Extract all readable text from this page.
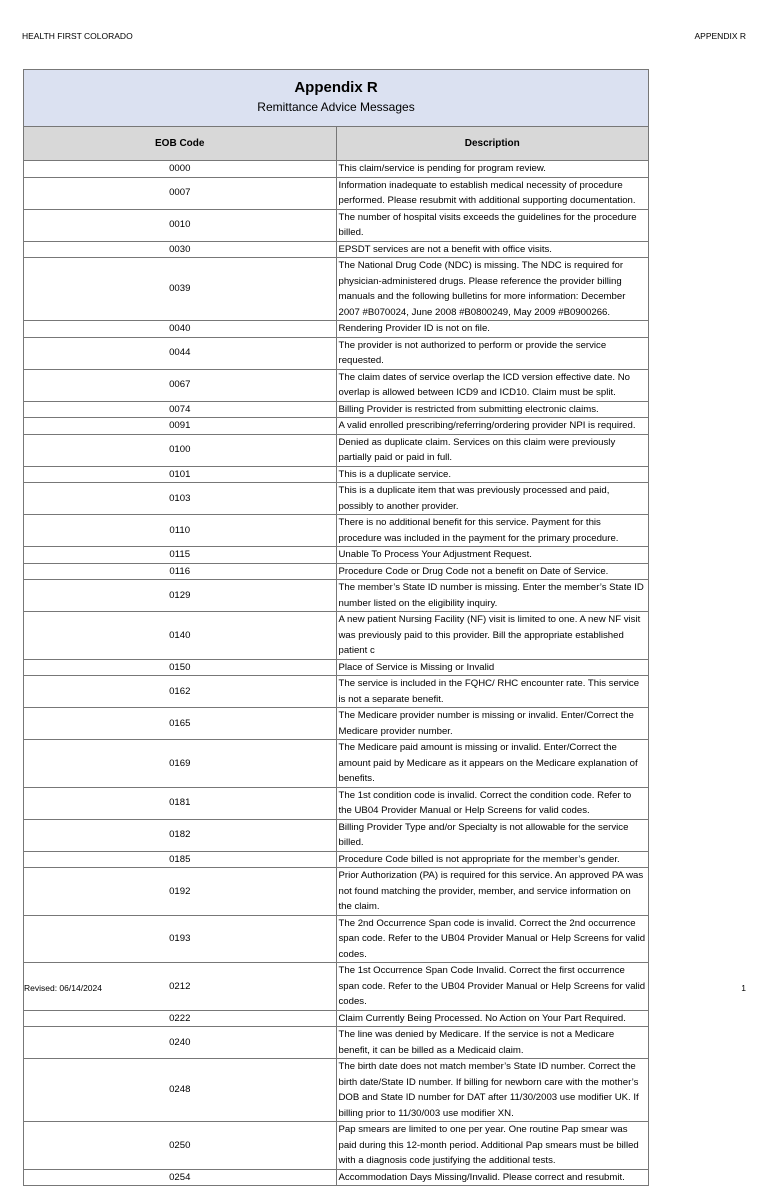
HEALTH FIRST COLORADO	APPENDIX R
Appendix R
Remittance Advice Messages	

EOB Code	Description
0000	This claim/service is pending for program review.
0007	Information inadequate to establish medical necessity of procedure performed. Please resubmit with additional supporting documentation.
0010	The number of hospital visits exceeds the guidelines for the procedure billed.
0030	EPSDT services are not a benefit with office visits.
0039	The National Drug Code (NDC) is missing. The NDC is required for physician-administered drugs. Please reference the provider billing manuals and the following bulletins for more information: December 2007 #B070024, June 2008 #B0800249, May 2009 #B0900266.
0040	Rendering Provider ID is not on file.
0044	The provider is not authorized to perform or provide the service requested.
0067	The claim dates of service overlap the ICD version effective date. No overlap is allowed between ICD9 and ICD10. Claim must be split.
0074	Billing Provider is restricted from submitting electronic claims.
0091	A valid enrolled prescribing/referring/ordering provider NPI is required.
0100	Denied as duplicate claim. Services on this claim were previously partially paid or paid in full.
0101	This is a duplicate service.
0103	This is a duplicate item that was previously processed and paid, possibly to another provider.
0110	There is no additional benefit for this service. Payment for this procedure was included in the payment for the primary procedure.
0115	Unable To Process Your Adjustment Request.
0116	Procedure Code or Drug Code not a benefit on Date of Service.
0129	The member’s State ID number is missing. Enter the member’s State ID number listed on the eligibility inquiry.
0140	A new patient Nursing Facility (NF) visit is limited to one. A new NF visit was previously paid to this provider. Bill the appropriate established patient c
0150	Place of Service is Missing or Invalid
0162	The service is included in the FQHC/ RHC encounter rate. This service is not a separate benefit.
0165	The Medicare provider number is missing or invalid. Enter/Correct the Medicare provider number.
0169	The Medicare paid amount is missing or invalid. Enter/Correct the amount paid by Medicare as it appears on the Medicare explanation of benefits.
0181	The 1st condition code is invalid. Correct the condition code. Refer to the UB04 Provider Manual or Help Screens for valid codes.
0182	Billing Provider Type and/or Specialty is not allowable for the service billed.
0185	Procedure Code billed is not appropriate for the member’s gender.
0192	Prior Authorization (PA) is required for this service. An approved PA was not found matching the provider, member, and service information on the claim.
0193	The 2nd Occurrence Span code is invalid. Correct the 2nd occurrence span code. Refer to the UB04 Provider Manual or Help Screens for valid codes.
0212	The 1st Occurrence Span Code Invalid. Correct the first occurrence span code. Refer to the UB04 Provider Manual or Help Screens for valid codes.
0222	Claim Currently Being Processed. No Action on Your Part Required.
0240	The line was denied by Medicare. If the service is not a Medicare benefit, it can be billed as a Medicaid claim.
0248	The birth date does not match member’s State ID number. Correct the birth date/State ID number. If billing for newborn care with the mother’s DOB and State ID number for DAT after 11/30/2003 use modifier UK. If billing prior to 11/30/003 use modifier XN.
0250	Pap smears are limited to one per year. One routine Pap smear was paid during this 12-month period. Additional Pap smears must be billed with a diagnosis code justifying the additional tests.
0254	Accommodation Days Missing/Invalid. Please correct and resubmit.
Revised: 06/14/2024	1
